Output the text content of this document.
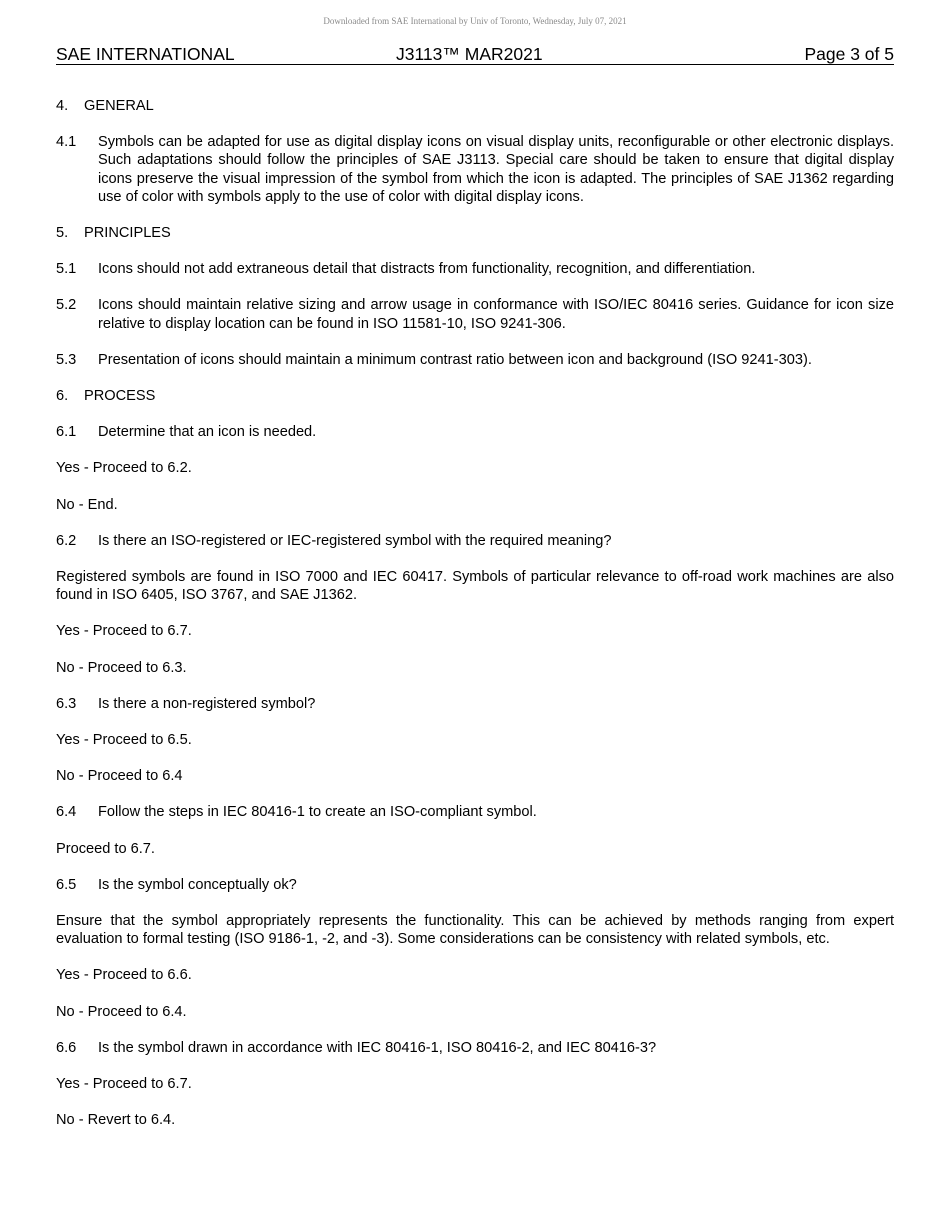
Downloaded from SAE International by Univ of Toronto, Wednesday, July 07, 2021
SAE INTERNATIONAL	J3113™ MAR2021	Page 3 of 5
4. GENERAL
4.1	Symbols can be adapted for use as digital display icons on visual display units, reconfigurable or other electronic displays. Such adaptations should follow the principles of SAE J3113. Special care should be taken to ensure that digital display icons preserve the visual impression of the symbol from which the icon is adapted. The principles of SAE J1362 regarding use of color with symbols apply to the use of color with digital display icons.
5. PRINCIPLES
5.1	Icons should not add extraneous detail that distracts from functionality, recognition, and differentiation.
5.2	Icons should maintain relative sizing and arrow usage in conformance with ISO/IEC 80416 series. Guidance for icon size relative to display location can be found in ISO 11581-10, ISO 9241-306.
5.3	Presentation of icons should maintain a minimum contrast ratio between icon and background (ISO 9241-303).
6. PROCESS
6.1	Determine that an icon is needed.
Yes - Proceed to 6.2.
No - End.
6.2	Is there an ISO-registered or IEC-registered symbol with the required meaning?
Registered symbols are found in ISO 7000 and IEC 60417. Symbols of particular relevance to off-road work machines are also found in ISO 6405, ISO 3767, and SAE J1362.
Yes - Proceed to 6.7.
No - Proceed to 6.3.
6.3	Is there a non-registered symbol?
Yes - Proceed to 6.5.
No - Proceed to 6.4
6.4	Follow the steps in IEC 80416-1 to create an ISO-compliant symbol.
Proceed to 6.7.
6.5	Is the symbol conceptually ok?
Ensure that the symbol appropriately represents the functionality. This can be achieved by methods ranging from expert evaluation to formal testing (ISO 9186-1, -2, and -3). Some considerations can be consistency with related symbols, etc.
Yes - Proceed to 6.6.
No - Proceed to 6.4.
6.6	Is the symbol drawn in accordance with IEC 80416-1, ISO 80416-2, and IEC 80416-3?
Yes - Proceed to 6.7.
No - Revert to 6.4.
